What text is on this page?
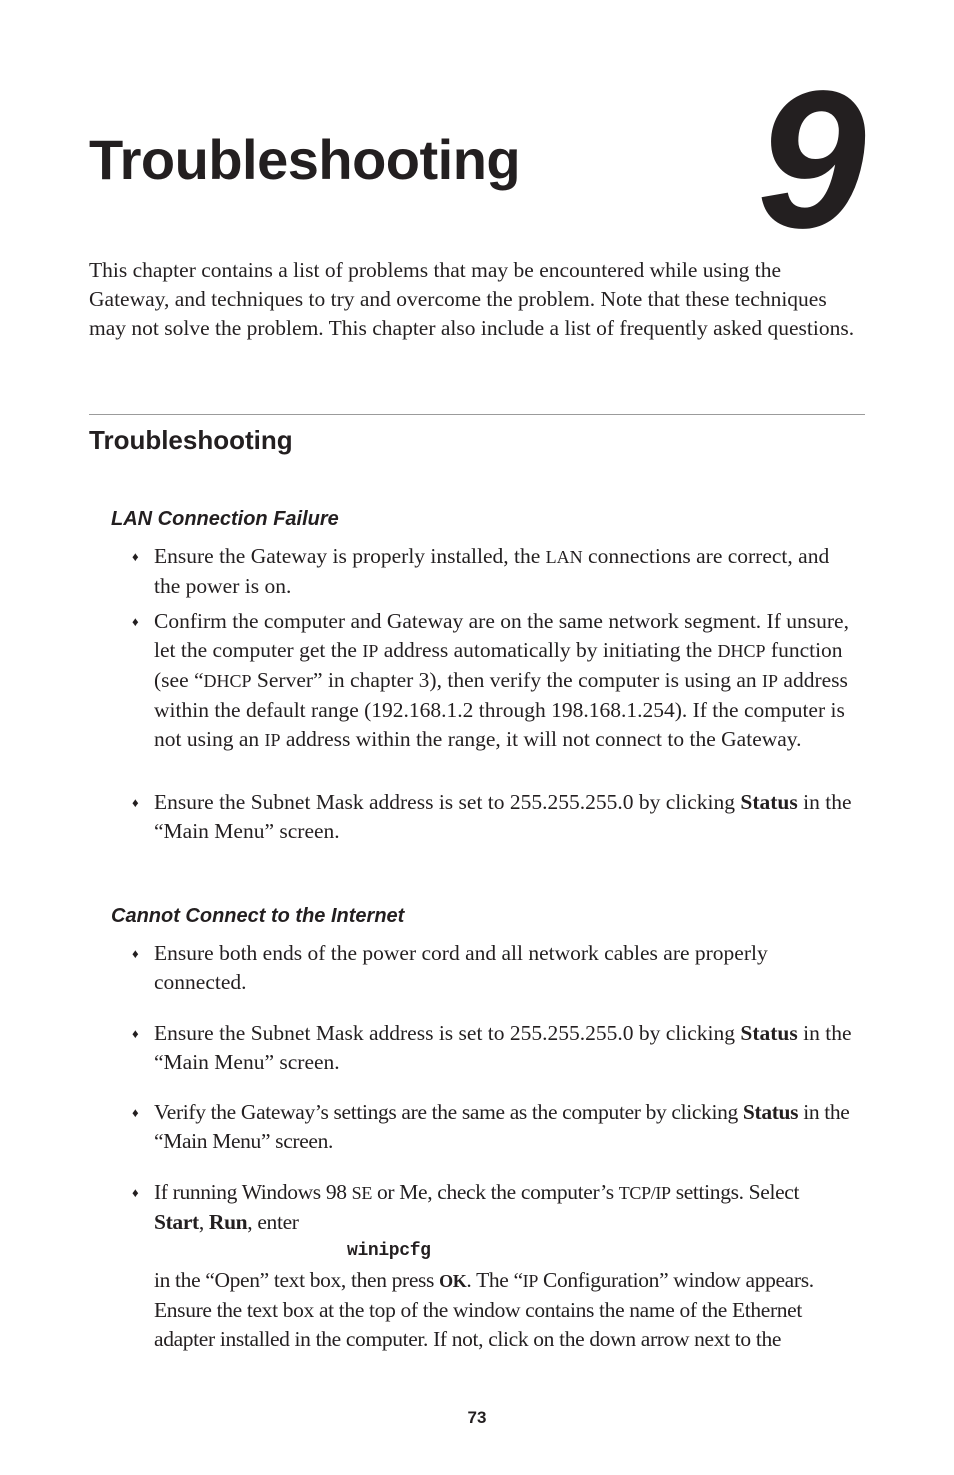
Troubleshooting 9

This chapter contains a list of problems that may be encountered while using the Gateway, and techniques to try and overcome the problem. Note that these techniques may not solve the problem. This chapter also include a list of frequently asked questions.

Troubleshooting
LAN Connection Failure
♦ Ensure the Gateway is properly installed, the LAN connections are correct, and the power is on.
♦ Confirm the computer and Gateway are on the same network segment. If unsure, let the computer get the IP address automatically by initiating the DHCP function (see “DHCP Server” in chapter 3), then verify the computer is using an IP address within the default range (192.168.1.2 through 198.168.1.254). If the computer is not using an IP address within the range, it will not connect to the Gateway.
♦ Ensure the Subnet Mask address is set to 255.255.255.0 by clicking Status in the “Main Menu” screen.
Cannot Connect to the Internet
♦ Ensure both ends of the power cord and all network cables are properly connected.
♦ Ensure the Subnet Mask address is set to 255.255.255.0 by clicking Status in the “Main Menu” screen.
♦ Verify the Gateway’s settings are the same as the computer by clicking Status in the “Main Menu” screen.
♦ If running Windows 98 SE or Me, check the computer’s TCP/IP settings. Select
Start, Run, enter
winipcfg
in the “Open” text box, then press OK. The “IP Configuration” window appears. Ensure the text box at the top of the window contains the name of the Ethernet adapter installed in the computer. If not, click on the down arrow next to the
73
